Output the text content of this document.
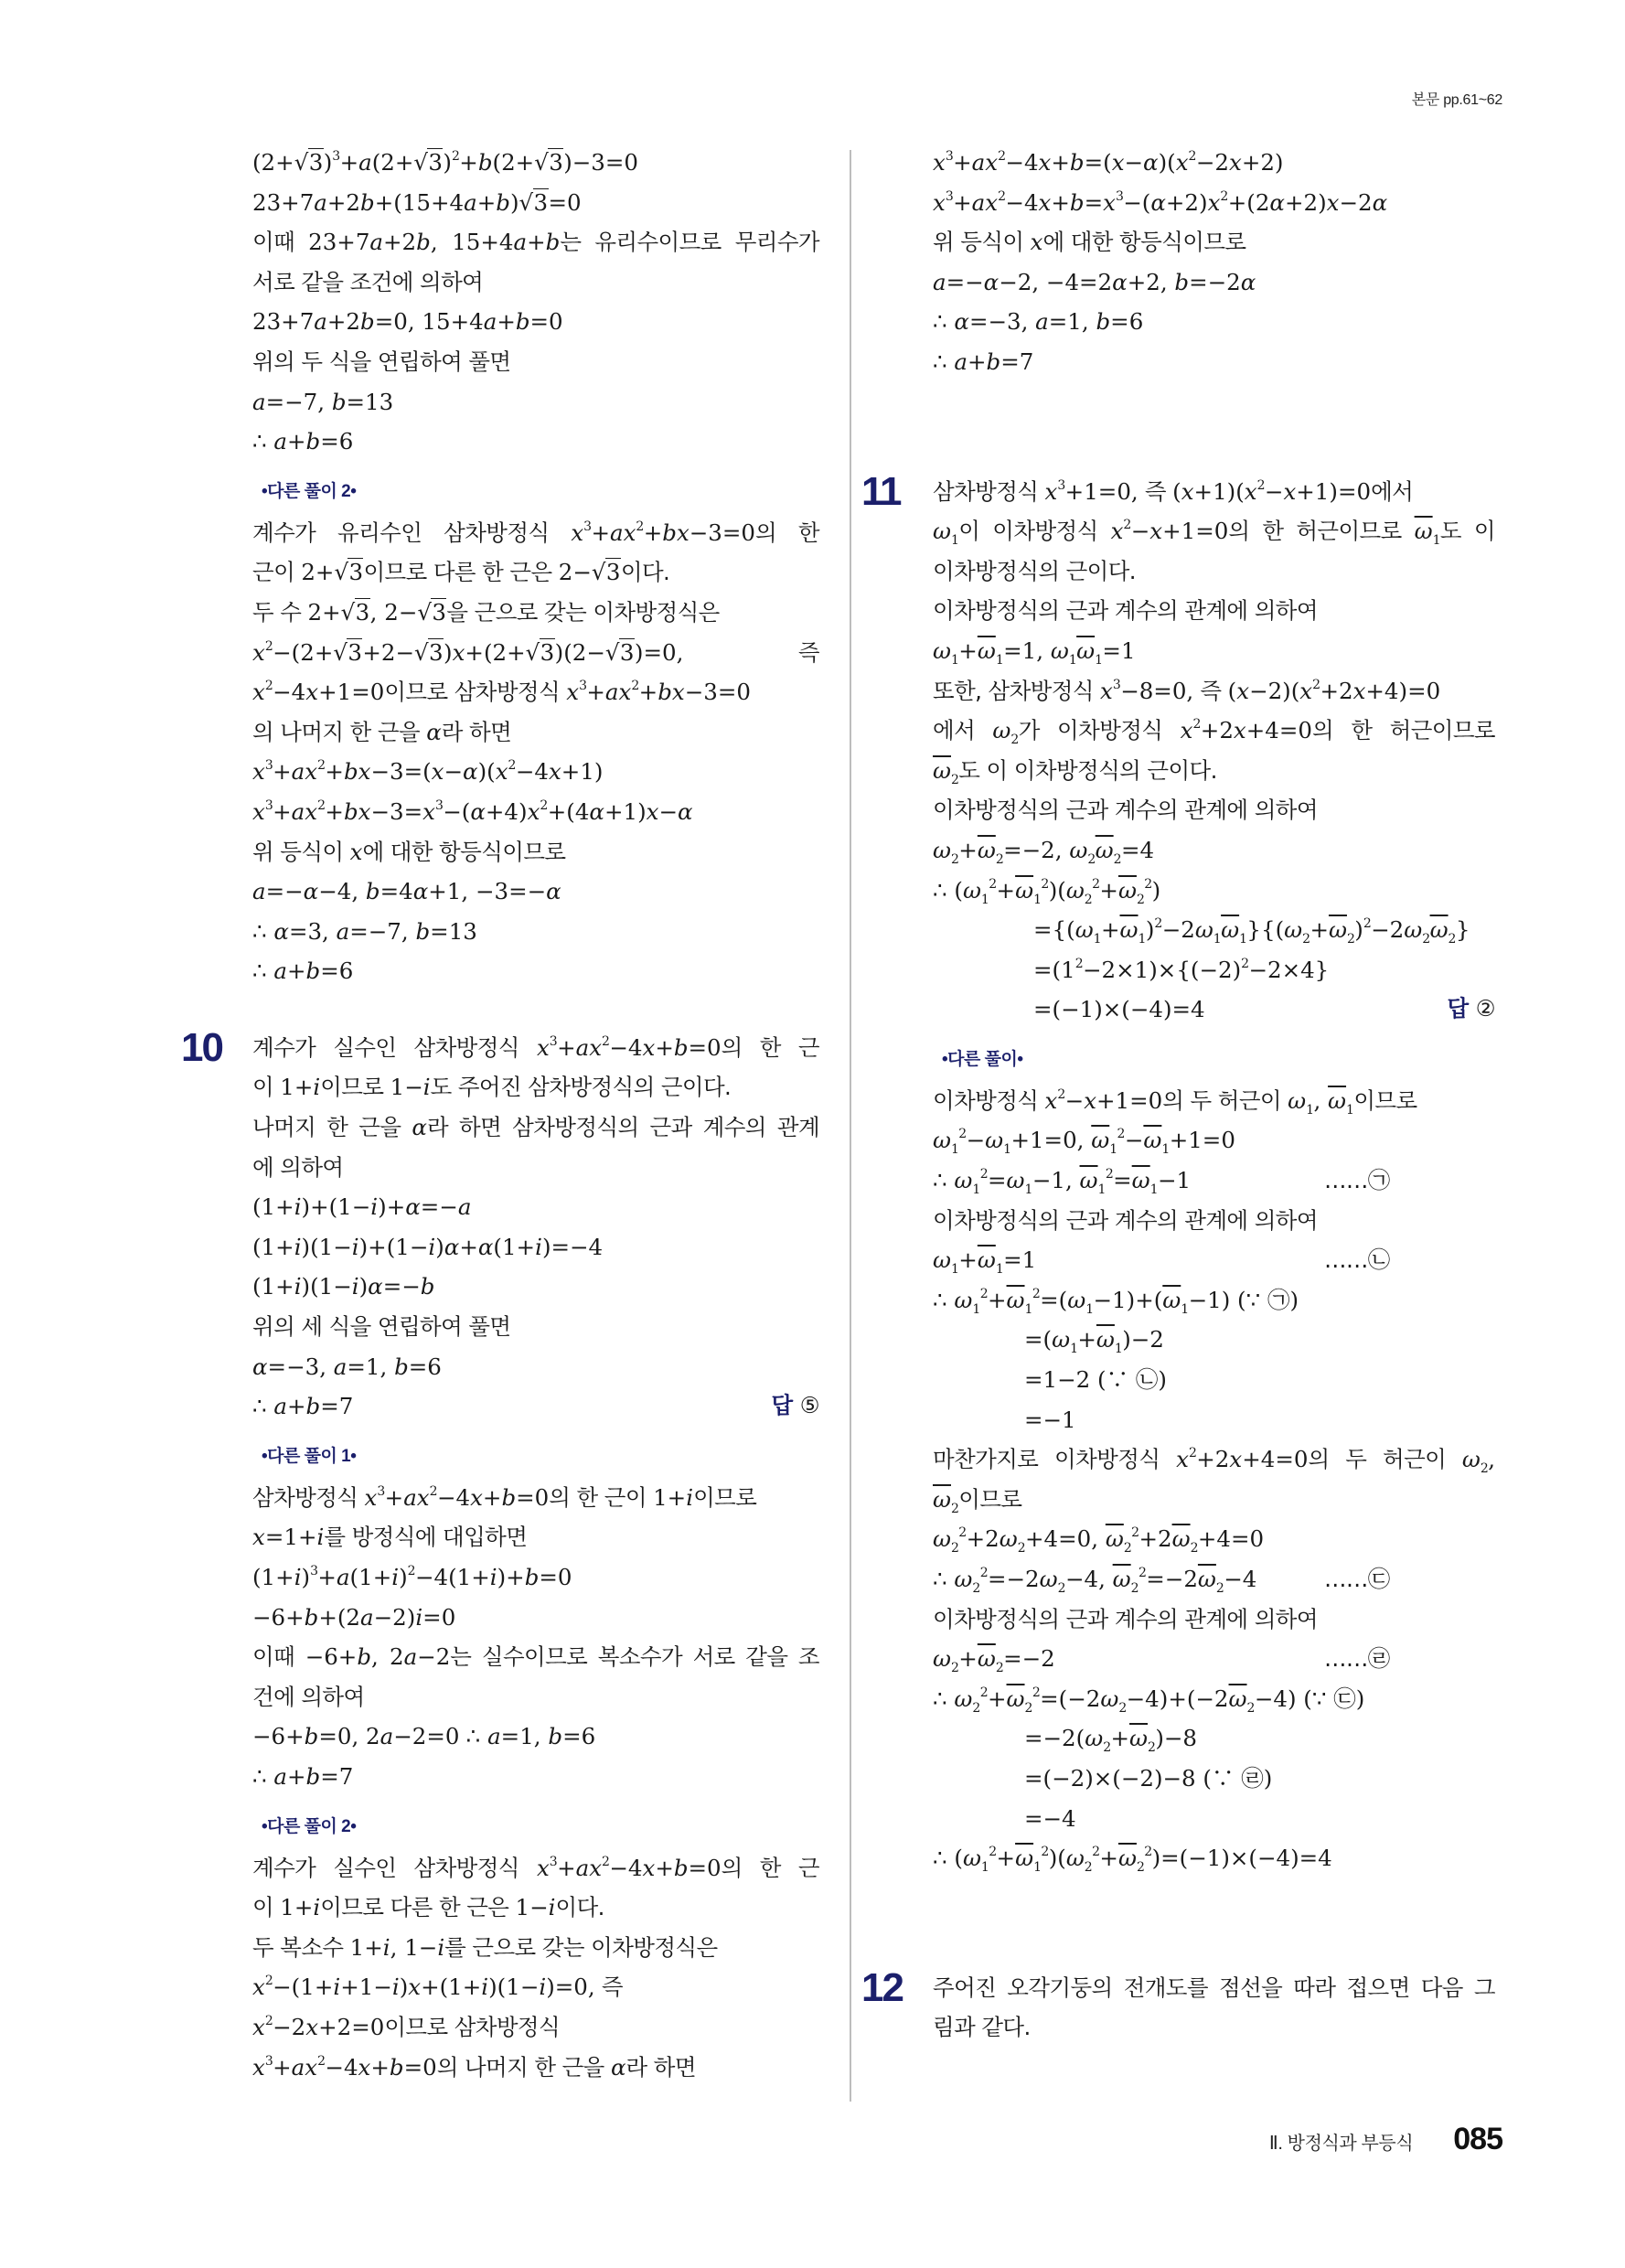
본문 pp.61~62
$(2+√3)^3+a(2+√3)^2+b(2+√3)-3=0$
23+7a+2b+(15+4a+b)√3=0
이때 23+7a+2b, 15+4a+b는 유리수이므로 무리수가
서로 같을 조건에 의하여
23+7a+2b=0, 15+4a+b=0
위의 두 식을 연립하여 풀면
a=−7, b=13
∴ a+b=6
•다른 풀이 2•
계수가 유리수인 삼차방정식 $x^3+ax^2+bx-3=0$의 한
근이 2+√3이므로 다른 한 근은 2−√3이다.
두 수 2+√3, 2−√3을 근으로 갖는 이차방정식은
$x^2-(2+√3+2-√3)x+(2+√3)(2-√3)=0$, 즉
$x^2-4x+1=0$이므로 삼차방정식 $x^3+ax^2+bx-3=0$
의 나머지 한 근을 α라 하면
$x^3+ax^2+bx-3=(x-\alpha)(x^2-4x+1)$
$x^3+ax^2+bx-3=x^3-(\alpha+4)x^2+(4\alpha+1)x-\alpha$
위 등식이 x에 대한 항등식이므로
a=−α−4, b=4α+1, −3=−α
∴ α=3, a=−7, b=13
∴ a+b=6
10 계수가 실수인 삼차방정식 $x^3+ax^2-4x+b=0$의 한 근
이 1+i이므로 1−i도 주어진 삼차방정식의 근이다.
나머지 한 근을 α라 하면 삼차방정식의 근과 계수의 관계
에 의하여
(1+i)+(1−i)+α=−a
(1+i)(1−i)+(1−i)α+α(1+i)=−4
(1+i)(1−i)α=−b
위의 세 식을 연립하여 풀면
α=−3, a=1, b=6
∴ a+b=7	답 ⑤
•다른 풀이 1•
삼차방정식 $x^3+ax^2-4x+b=0$의 한 근이 1+i이므로
x=1+i를 방정식에 대입하면
$(1+i)^3+a(1+i)^2-4(1+i)+b=0$
−6+b+(2a−2)i=0
이때 −6+b, 2a−2는 실수이므로 복소수가 서로 같을 조
건에 의하여
−6+b=0, 2a−2=0 ∴ a=1, b=6
∴ a+b=7
•다른 풀이 2•
계수가 실수인 삼차방정식 $x^3+ax^2-4x+b=0$의 한 근
이 1+i이므로 다른 한 근은 1−i이다.
두 복소수 1+i, 1−i를 근으로 갖는 이차방정식은
$x^2-(1+i+1-i)x+(1+i)(1-i)=0$, 즉
$x^2-2x+2=0$이므로 삼차방정식
$x^3+ax^2-4x+b=0$의 나머지 한 근을 α라 하면
$x^3+ax^2-4x+b=(x-\alpha)(x^2-2x+2)$
$x^3+ax^2-4x+b=x^3-(\alpha+2)x^2+(2\alpha+2)x-2\alpha$
위 등식이 x에 대한 항등식이므로
a=−α−2, −4=2α+2, b=−2α
∴ α=−3, a=1, b=6
∴ a+b=7
11 삼차방정식 $x^3+1=0$, 즉 $(x+1)(x^2-x+1)=0$에서
$\omega_1$이 이차방정식 $x^2-x+1=0$의 한 허근이므로 $\overline{\omega}_1$도 이
이차방정식의 근이다.
이차방정식의 근과 계수의 관계에 의하여
$\omega_1+\overline{\omega}_1=1$, $\omega_1\overline{\omega}_1=1$
또한, 삼차방정식 $x^3-8=0$, 즉 $(x-2)(x^2+2x+4)=0$
에서 $\omega_2$가 이차방정식 $x^2+2x+4=0$의 한 허근이므로
$\overline{\omega}_2$도 이 이차방정식의 근이다.
이차방정식의 근과 계수의 관계에 의하여
$\omega_2+\overline{\omega}_2=-2$, $\omega_2\overline{\omega}_2=4$
∴ $(\omega_1^2+\overline{\omega}_1^2)(\omega_2^2+\overline{\omega}_2^2)$
$=\{(\omega_1+\overline{\omega}_1)^2-2\omega_1\overline{\omega}_1\}\{(\omega_2+\overline{\omega}_2)^2-2\omega_2\overline{\omega}_2\}$
$=(1^2-2\times 1)\times\{(-2)^2-2\times 4\}$
=(−1)×(−4)=4	답 ②
•다른 풀이•
이차방정식 $x^2-x+1=0$의 두 허근이 $\omega_1$, $\overline{\omega}_1$이므로
$\omega_1^2-\omega_1+1=0$, $\overline{\omega}_1^2-\overline{\omega}_1+1=0$
∴ $\omega_1^2=\omega_1-1$, $\overline{\omega}_1^2=\overline{\omega}_1-1$	……㉠
이차방정식의 근과 계수의 관계에 의하여
$\omega_1+\overline{\omega}_1=1$	……㉡
∴ $\omega_1^2+\overline{\omega}_1^2=(\omega_1-1)+(\overline{\omega}_1-1)$ (∵ ㉠)
$=(\omega_1+\overline{\omega}_1)-2$
=1−2 (∵ ㉡)
=−1
마찬가지로 이차방정식 $x^2+2x+4=0$의 두 허근이 $\omega_2$,
$\overline{\omega}_2$이므로
$\omega_2^2+2\omega_2+4=0$, $\overline{\omega}_2^2+2\overline{\omega}_2+4=0$
∴ $\omega_2^2=-2\omega_2-4$, $\overline{\omega}_2^2=-2\overline{\omega}_2-4$	……㉢
이차방정식의 근과 계수의 관계에 의하여
$\omega_2+\overline{\omega}_2=-2$	……㉣
∴ $\omega_2^2+\overline{\omega}_2^2=(-2\omega_2-4)+(-2\overline{\omega}_2-4)$ (∵ ㉢)
$=-2(\omega_2+\overline{\omega}_2)-8$
=(−2)×(−2)−8 (∵ ㉣)
=−4
∴ $(\omega_1^2+\overline{\omega}_1^2)(\omega_2^2+\overline{\omega}_2^2)=(-1)\times(-4)=4$
12 주어진 오각기둥의 전개도를 점선을 따라 접으면 다음 그
림과 같다.
Ⅱ. 방정식과 부등식 085
